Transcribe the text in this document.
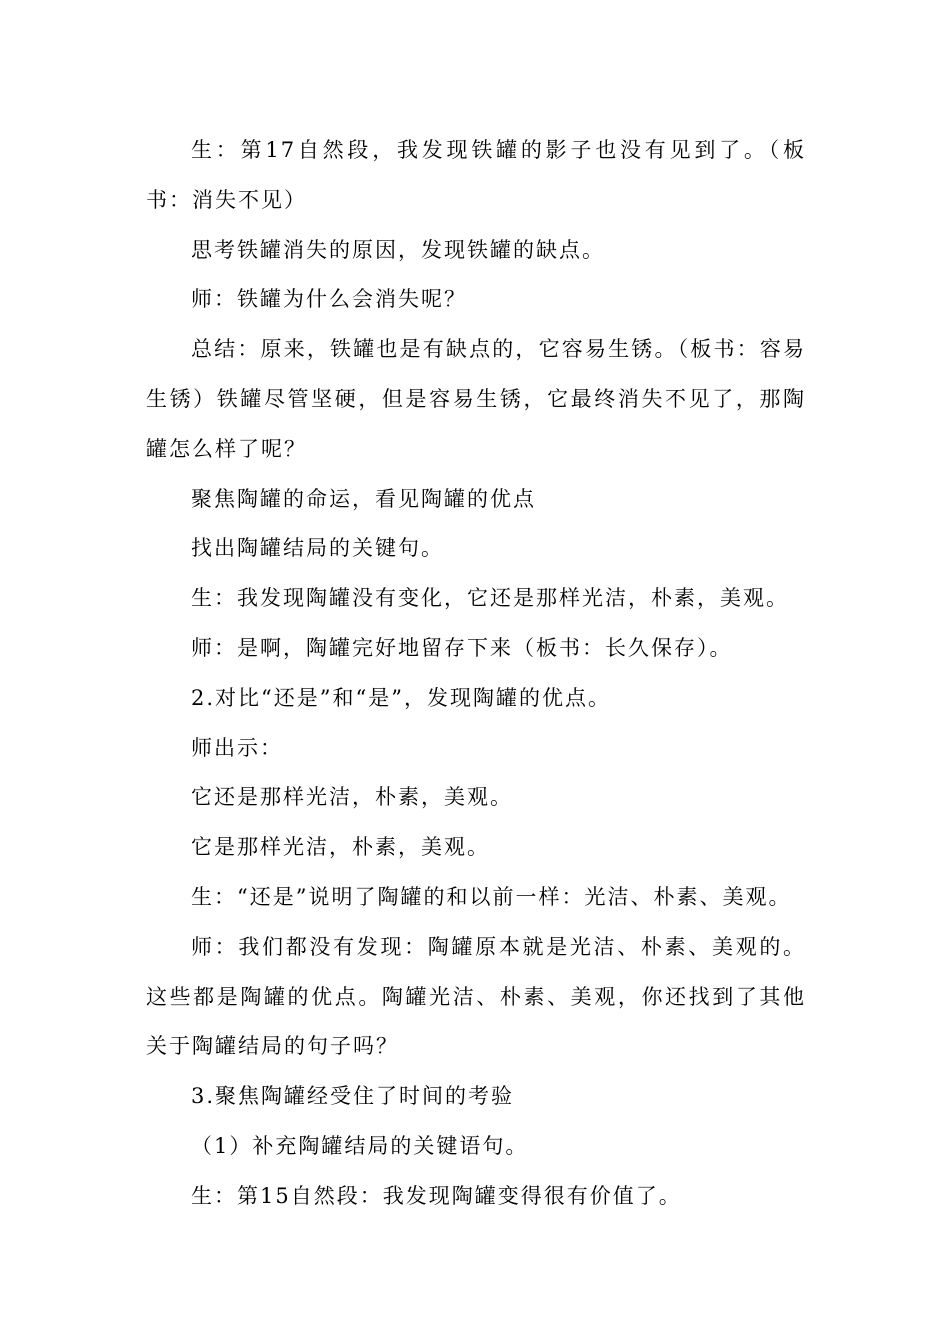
生：第17自然段，我发现铁罐的影子也没有见到了。（板书：消失不见）

思考铁罐消失的原因，发现铁罐的缺点。

师：铁罐为什么会消失呢？

总结：原来，铁罐也是有缺点的，它容易生锈。（板书：容易生锈）铁罐尽管坚硬，但是容易生锈，它最终消失不见了，那陶罐怎么样了呢？

聚焦陶罐的命运，看见陶罐的优点

找出陶罐结局的关键句。

生：我发现陶罐没有变化，它还是那样光洁，朴素，美观。

师：是啊，陶罐完好地留存下来（板书：长久保存）。

2.对比“还是”和“是”，发现陶罐的优点。

师出示：

它还是那样光洁，朴素，美观。

它是那样光洁，朴素，美观。

生：“还是”说明了陶罐的和以前一样：光洁、朴素、美观。

师：我们都没有发现：陶罐原本就是光洁、朴素、美观的。这些都是陶罐的优点。陶罐光洁、朴素、美观，你还找到了其他关于陶罐结局的句子吗？

3.聚焦陶罐经受住了时间的考验

（1）补充陶罐结局的关键语句。

生：第15自然段：我发现陶罐变得很有价值了。
